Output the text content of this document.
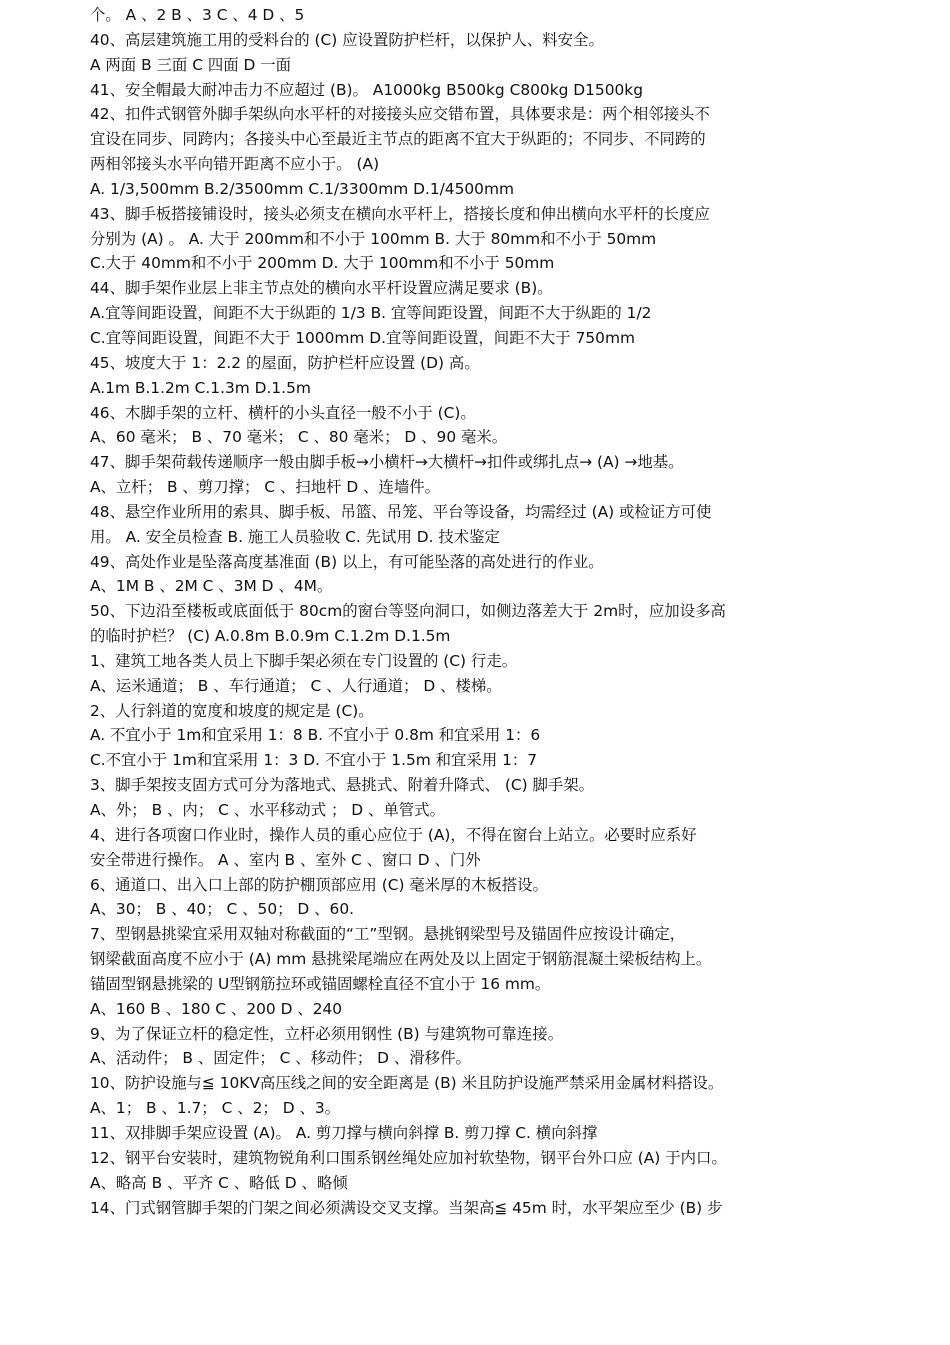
个。 A 、2 B 、3 C 、4 D 、5
40、高层建筑施工用的受料台的 (C) 应设置防护栏杆，以保护人、料安全。
A 两面 B 三面 C 四面 D 一面
41、安全帽最大耐冲击力不应超过 (B)。 A1000kg B500kg C800kg D1500kg
42、扣件式钢管外脚手架纵向水平杆的对接接头应交错布置，具体要求是：两个相邻接头不
宜设在同步、同跨内；各接头中心至最近主节点的距离不宜大于纵距的；不同步、不同跨的
两相邻接头水平向错开距离不应小于。 (A)
A. 1/3,500mm B.2/3500mm C.1/3300mm D.1/4500mm
43、脚手板搭接铺设时，接头必须支在横向水平杆上，搭接长度和伸出横向水平杆的长度应
分别为 (A) 。 A. 大于 200mm和不小于 100mm B. 大于 80mm和不小于 50mm
C.大于 40mm和不小于 200mm D. 大于 100mm和不小于 50mm
44、脚手架作业层上非主节点处的横向水平杆设置应满足要求 (B)。
A.宜等间距设置，间距不大于纵距的 1/3 B. 宜等间距设置，间距不大于纵距的 1/2
C.宜等间距设置，间距不大于 1000mm D.宜等间距设置，间距不大于 750mm
45、坡度大于 1：2.2 的屋面，防护栏杆应设置 (D) 高。
A.1m B.1.2m C.1.3m D.1.5m
46、木脚手架的立杆、横杆的小头直径一般不小于 (C)。
A、60 毫米； B 、70 毫米； C 、80 毫米； D 、90 毫米。
47、脚手架荷载传递顺序一般由脚手板→小横杆→大横杆→扣件或绑扎点→ (A) →地基。
A、立杆； B 、剪刀撑； C 、扫地杆 D 、连墙件。
48、悬空作业所用的索具、脚手板、吊篮、吊笼、平台等设备，均需经过 (A) 或检证方可使
用。 A. 安全员检查 B. 施工人员验收 C. 先试用 D. 技术鉴定
49、高处作业是坠落高度基准面 (B) 以上，有可能坠落的高处进行的作业。
A、1M B 、2M C 、3M D 、4M。
50、下边沿至楼板或底面低于 80cm的窗台等竖向洞口，如侧边落差大于 2m时，应加设多高
的临时护栏？ (C) A.0.8m B.0.9m C.1.2m D.1.5m
1、建筑工地各类人员上下脚手架必须在专门设置的 (C) 行走。
A、运米通道； B 、车行通道； C 、人行通道； D 、楼梯。
2、人行斜道的宽度和坡度的规定是 (C)。
A. 不宜小于 1m和宜采用 1：8 B. 不宜小于 0.8m 和宜采用 1：6
C.不宜小于 1m和宜采用 1：3 D. 不宜小于 1.5m 和宜采用 1：7
3、脚手架按支固方式可分为落地式、悬挑式、附着升降式、 (C) 脚手架。
A、外； B 、内； C 、水平移动式 ； D 、单管式。
4、进行各项窗口作业时，操作人员的重心应位于 (A)，不得在窗台上站立。必要时应系好
安全带进行操作。 A 、室内 B 、室外 C 、窗口 D 、门外
6、通道口、出入口上部的防护棚顶部应用 (C) 毫米厚的木板搭设。
A、30； B 、40； C 、50； D 、60.
7、型钢悬挑梁宜采用双轴对称截面的“工”型钢。悬挑钢梁型号及锚固件应按设计确定，
钢梁截面高度不应小于 (A) mm 悬挑梁尾端应在两处及以上固定于钢筋混凝土梁板结构上。
锚固型钢悬挑梁的 U型钢筋拉环或锚固螺栓直径不宜小于 16 mm。
A、160 B 、180 C 、200 D 、240
9、为了保证立杆的稳定性，立杆必须用钢性 (B) 与建筑物可靠连接。
A、活动件； B 、固定件； C 、移动件； D 、滑移件。
10、防护设施与≦ 10KV高压线之间的安全距离是 (B) 米且防护设施严禁采用金属材料搭设。
A、1； B 、1.7； C 、2； D 、3。
11、双排脚手架应设置 (A)。 A. 剪刀撑与横向斜撑 B. 剪刀撑 C. 横向斜撑
12、钢平台安装时，建筑物锐角利口围系钢丝绳处应加衬软垫物，钢平台外口应 (A) 于内口。
A、略高 B 、平齐 C 、略低 D 、略倾
14、门式钢管脚手架的门架之间必须满设交叉支撑。当架高≦ 45m 时，水平架应至少 (B) 步
